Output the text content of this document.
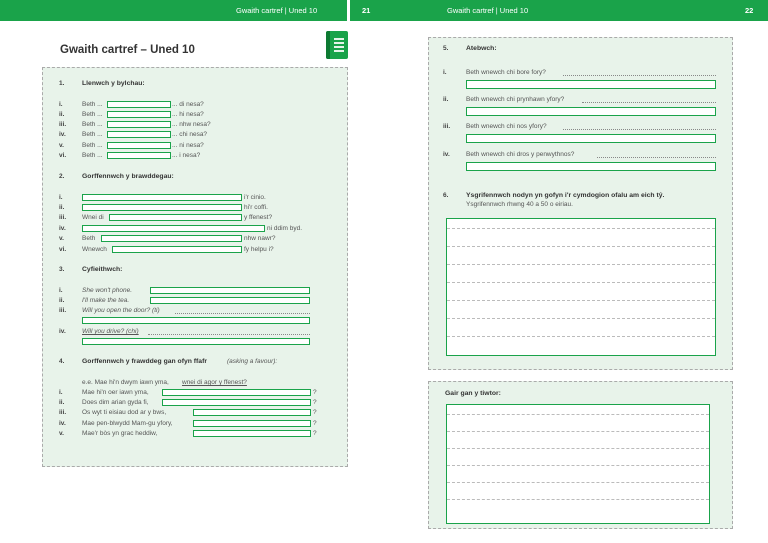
Gwaith cartref | Uned 10	21	Gwaith cartref | Uned 10	22
Gwaith cartref – Uned 10
1.	Llenwch y bylchau:
i.	Beth ...	... di nesa?
ii.	Beth ...	... hi nesa?
iii. Beth ...	... nhw nesa?
iv.	Beth ...	... chi nesa?
v.	Beth ...	... ni nesa?
vi. Beth ...	... i nesa?
2.	Gorffennwch y brawddegau:
i.	i'r cinio.
ii.	hi'r coffi.
iii. Wnei di	y ffenest?
iv.	ni ddim byd.
v.	Beth	nhw nawr?
vi. Wnewch	fy helpu i?
3.	Cyfieithwch:
i.	She won't phone.
ii.	I'll make the tea.
iii. Will you open the door? (ti)
iv.	Will you drive? (chi)
4.	Gorffennwch y frawddeg gan ofyn ffafr	(asking a favour):
e.e. Mae hi'n dwym iawn yma, wnei di agor y ffenest?
i.	Mae hi'n oer iawn yma,	?
ii.	Does dim arian gyda fi,	?
iii. Os wyt ti eisiau dod ar y bws,	?
iv.	Mae pen-blwydd Mam-gu yfory,	?
v.	Mae'r bòs yn grac heddiw,	?
5.	Atebwch:
i.	Beth wnewch chi bore fory?
ii.	Beth wnewch chi prynhawn yfory?
iii. Beth wnewch chi nos yfory?
iv.	Beth wnewch chi dros y penwythnos?
6.	Ysgrifennwch nodyn yn gofyn i'r cymdogion ofalu am eich tŷ.
Ysgrifennwch rhwng 40 a 50 o eiriau.
Gair gan y tiwtor:
